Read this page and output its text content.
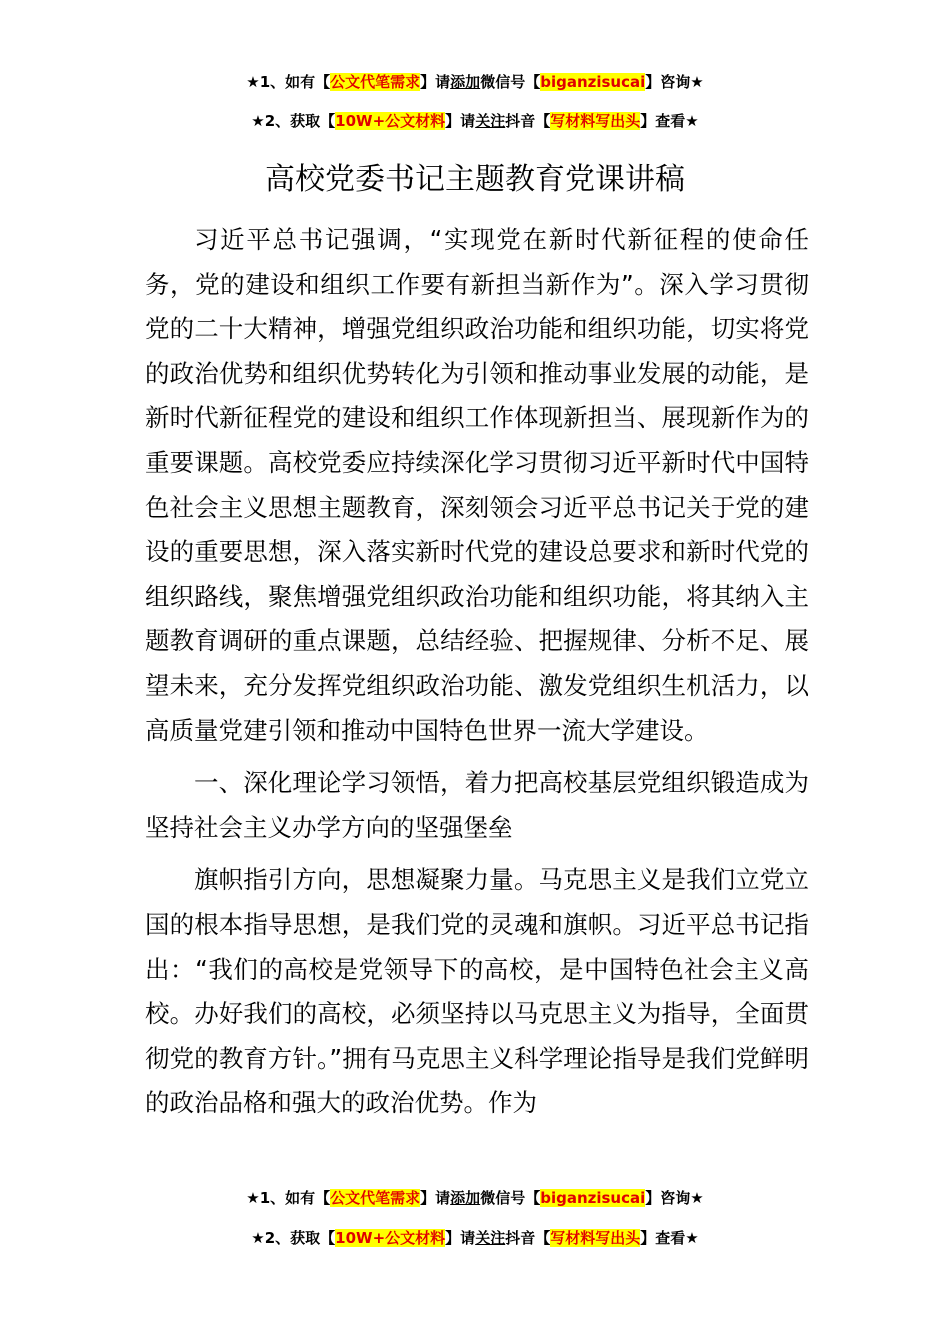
★1、如有【公文代笔需求】请添加微信号【biganzisucai】咨询★
★2、获取【10W+公文材料】请关注抖音【写材料写出头】查看★
高校党委书记主题教育党课讲稿

习近平总书记强调，“实现党在新时代新征程的使命任务，党的建设和组织工作要有新担当新作为”。深入学习贯彻党的二十大精神，增强党组织政治功能和组织功能，切实将党的政治优势和组织优势转化为引领和推动事业发展的动能，是新时代新征程党的建设和组织工作体现新担当、展现新作为的重要课题。高校党委应持续深化学习贯彻习近平新时代中国特色社会主义思想主题教育，深刻领会习近平总书记关于党的建设的重要思想，深入落实新时代党的建设总要求和新时代党的组织路线，聚焦增强党组织政治功能和组织功能，将其纳入主题教育调研的重点课题，总结经验、把握规律、分析不足、展望未来，充分发挥党组织政治功能、激发党组织生机活力，以高质量党建引领和推动中国特色世界一流大学建设。

一、深化理论学习领悟，着力把高校基层党组织锻造成为坚持社会主义办学方向的坚强堡垒

旗帜指引方向，思想凝聚力量。马克思主义是我们立党立国的根本指导思想，是我们党的灵魂和旗帜。习近平总书记指出：“我们的高校是党领导下的高校，是中国特色社会主义高校。办好我们的高校，必须坚持以马克思主义为指导，全面贯彻党的教育方针。”拥有马克思主义科学理论指导是我们党鲜明的政治品格和强大的政治优势。作为

★1、如有【公文代笔需求】请添加微信号【biganzisucai】咨询★
★2、获取【10W+公文材料】请关注抖音【写材料写出头】查看★
